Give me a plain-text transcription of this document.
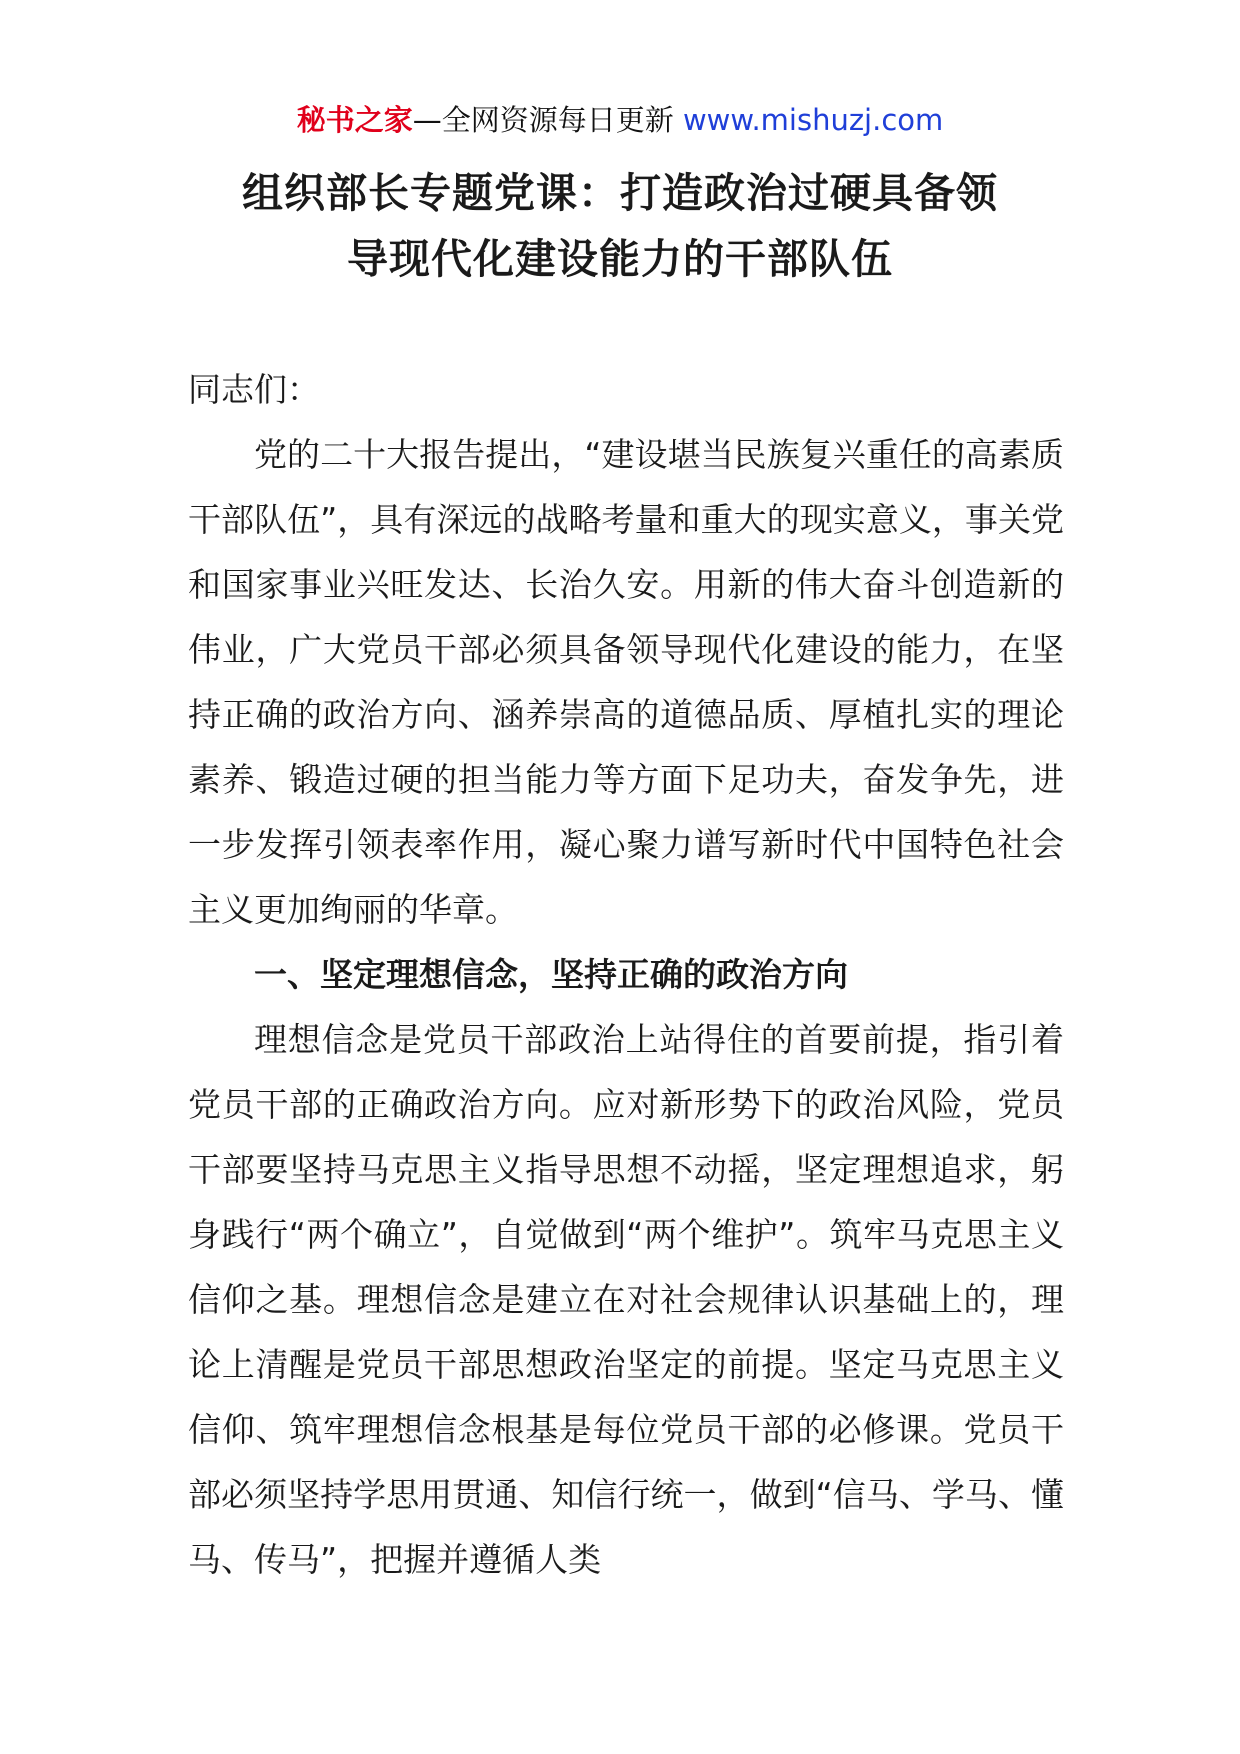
秘书之家—全网资源每日更新 www.mishuzj.com
组织部长专题党课：打造政治过硬具备领
导现代化建设能力的干部队伍

同志们：

党的二十大报告提出，“建设堪当民族复兴重任的高素质干部队伍”，具有深远的战略考量和重大的现实意义，事关党和国家事业兴旺发达、长治久安。用新的伟大奋斗创造新的伟业，广大党员干部必须具备领导现代化建设的能力，在坚持正确的政治方向、涵养崇高的道德品质、厚植扎实的理论素养、锻造过硬的担当能力等方面下足功夫，奋发争先，进一步发挥引领表率作用，凝心聚力谱写新时代中国特色社会主义更加绚丽的华章。

一、坚定理想信念，坚持正确的政治方向

理想信念是党员干部政治上站得住的首要前提，指引着党员干部的正确政治方向。应对新形势下的政治风险，党员干部要坚持马克思主义指导思想不动摇，坚定理想追求，躬身践行“两个确立”，自觉做到“两个维护”。筑牢马克思主义信仰之基。理想信念是建立在对社会规律认识基础上的，理论上清醒是党员干部思想政治坚定的前提。坚定马克思主义信仰、筑牢理想信念根基是每位党员干部的必修课。党员干部必须坚持学思用贯通、知信行统一，做到“信马、学马、懂马、传马”，把握并遵循人类
